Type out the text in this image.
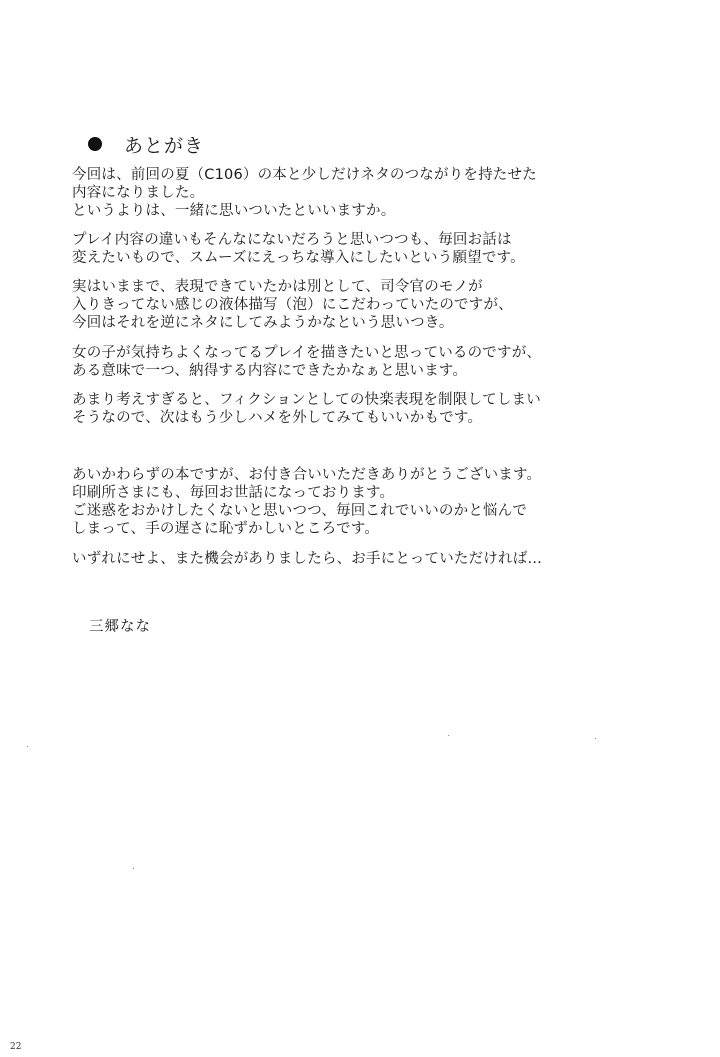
あとがき
今回は、前回の夏（C106）の本と少しだけネタのつながりを持たせた
内容になりました。
というよりは、一緒に思いついたといいますか。
プレイ内容の違いもそんなにないだろうと思いつつも、毎回お話は
変えたいもので、スムーズにえっちな導入にしたいという願望です。
実はいままで、表現できていたかは別として、司令官のモノが
入りきってない感じの液体描写（泡）にこだわっていたのですが、
今回はそれを逆にネタにしてみようかなという思いつき。
女の子が気持ちよくなってるプレイを描きたいと思っているのですが、
ある意味で一つ、納得する内容にできたかなぁと思います。
あまり考えすぎると、フィクションとしての快楽表現を制限してしまい
そうなので、次はもう少しハメを外してみてもいいかもです。
あいかわらずの本ですが、お付き合いいただきありがとうございます。
印刷所さまにも、毎回お世話になっております。
ご迷惑をおかけしたくないと思いつつ、毎回これでいいのかと悩んで
しまって、手の遅さに恥ずかしいところです。
いずれにせよ、また機会がありましたら、お手にとっていただければ…
三郷なな
22
